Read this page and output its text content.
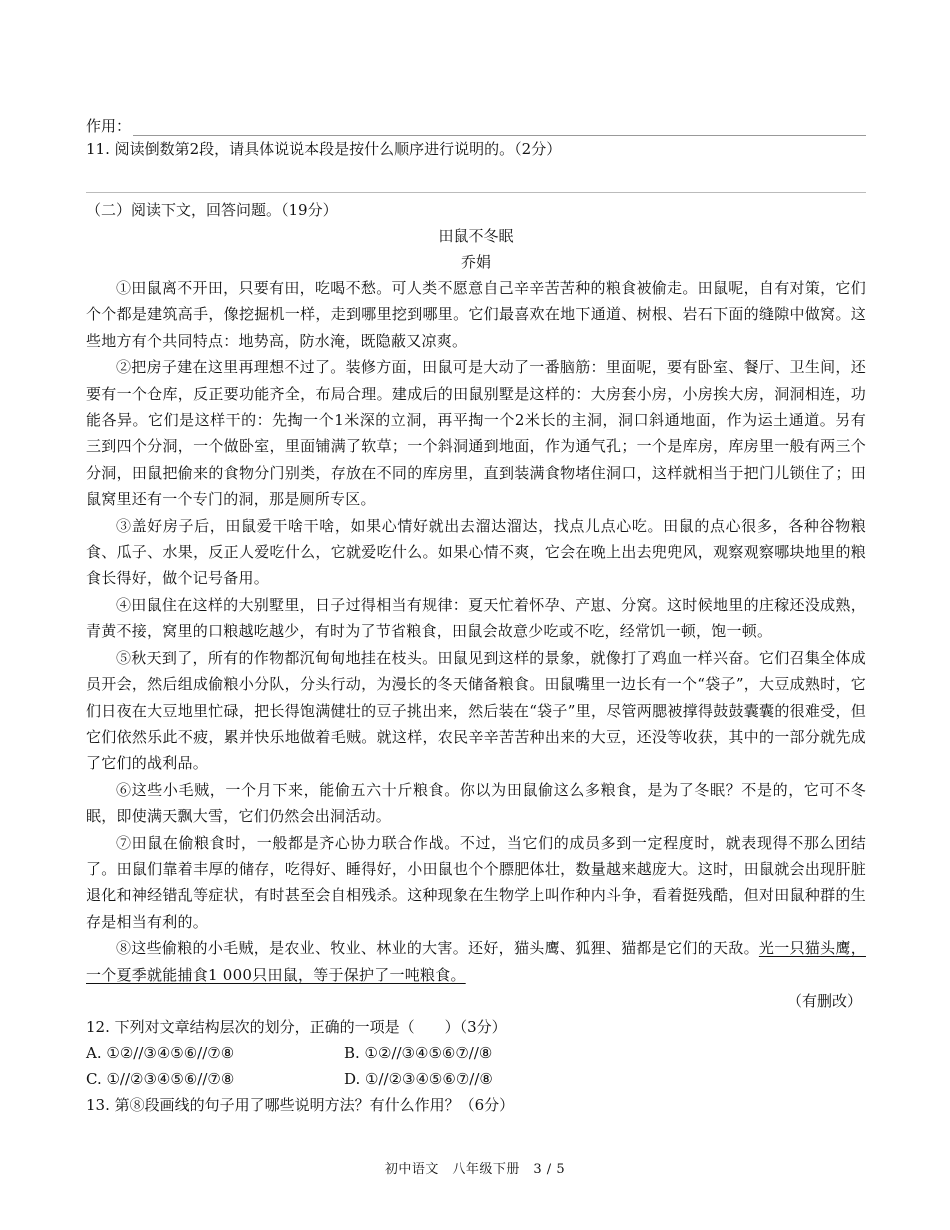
作用：
11. 阅读倒数第2段，请具体说说本段是按什么顺序进行说明的。（2分）
（二）阅读下文，回答问题。（19分）
田鼠不冬眠
乔娟

①田鼠离不开田，只要有田，吃喝不愁。可人类不愿意自己辛辛苦苦种的粮食被偷走。田鼠呢，自有对策，它们个个都是建筑高手，像挖掘机一样，走到哪里挖到哪里。它们最喜欢在地下通道、树根、岩石下面的缝隙中做窝。这些地方有个共同特点：地势高，防水淹，既隐蔽又凉爽。

②把房子建在这里再理想不过了。装修方面，田鼠可是大动了一番脑筋：里面呢，要有卧室、餐厅、卫生间，还要有一个仓库，反正要功能齐全，布局合理。建成后的田鼠别墅是这样的：大房套小房，小房挨大房，洞洞相连，功能各异。它们是这样干的：先掏一个1米深的立洞，再平掏一个2米长的主洞，洞口斜通地面，作为运土通道。另有三到四个分洞，一个做卧室，里面铺满了软草；一个斜洞通到地面，作为通气孔；一个是库房，库房里一般有两三个分洞，田鼠把偷来的食物分门别类，存放在不同的库房里，直到装满食物堵住洞口，这样就相当于把门儿锁住了；田鼠窝里还有一个专门的洞，那是厕所专区。

③盖好房子后，田鼠爱干啥干啥，如果心情好就出去溜达溜达，找点儿点心吃。田鼠的点心很多，各种谷物粮食、瓜子、水果，反正人爱吃什么，它就爱吃什么。如果心情不爽，它会在晚上出去兜兜风，观察观察哪块地里的粮食长得好，做个记号备用。

④田鼠住在这样的大别墅里，日子过得相当有规律：夏天忙着怀孕、产崽、分窝。这时候地里的庄稼还没成熟，青黄不接，窝里的口粮越吃越少，有时为了节省粮食，田鼠会故意少吃或不吃，经常饥一顿，饱一顿。

⑤秋天到了，所有的作物都沉甸甸地挂在枝头。田鼠见到这样的景象，就像打了鸡血一样兴奋。它们召集全体成员开会，然后组成偷粮小分队，分头行动，为漫长的冬天储备粮食。田鼠嘴里一边长有一个“袋子”，大豆成熟时，它们日夜在大豆地里忙碌，把长得饱满健壮的豆子挑出来，然后装在“袋子”里，尽管两腮被撑得鼓鼓囊囊的很难受，但它们依然乐此不疲，累并快乐地做着毛贼。就这样，农民辛辛苦苦种出来的大豆，还没等收获，其中的一部分就先成了它们的战利品。

⑥这些小毛贼，一个月下来，能偷五六十斤粮食。你以为田鼠偷这么多粮食，是为了冬眠？不是的，它可不冬眠，即使满天飘大雪，它们仍然会出洞活动。

⑦田鼠在偷粮食时，一般都是齐心协力联合作战。不过，当它们的成员多到一定程度时，就表现得不那么团结了。田鼠们靠着丰厚的储存，吃得好、睡得好，小田鼠也个个膘肥体壮，数量越来越庞大。这时，田鼠就会出现肝脏退化和神经错乱等症状，有时甚至会自相残杀。这种现象在生物学上叫作种内斗争，看着挺残酷，但对田鼠种群的生存是相当有利的。

⑧这些偷粮的小毛贼，是农业、牧业、林业的大害。还好，猫头鹰、狐狸、猫都是它们的天敌。光一只猫头鹰，一个夏季就能捕食1 000只田鼠，等于保护了一吨粮食。

（有删改）
12. 下列对文章结构层次的划分，正确的一项是（　　）（3分）
A. ①②//③④⑤⑥//⑦⑧	B. ①②//③④⑤⑥⑦//⑧
C. ①//②③④⑤⑥//⑦⑧	D. ①//②③④⑤⑥⑦//⑧
13. 第⑧段画线的句子用了哪些说明方法？有什么作用？（6分）
初中语文　八年级下册　3 / 5
